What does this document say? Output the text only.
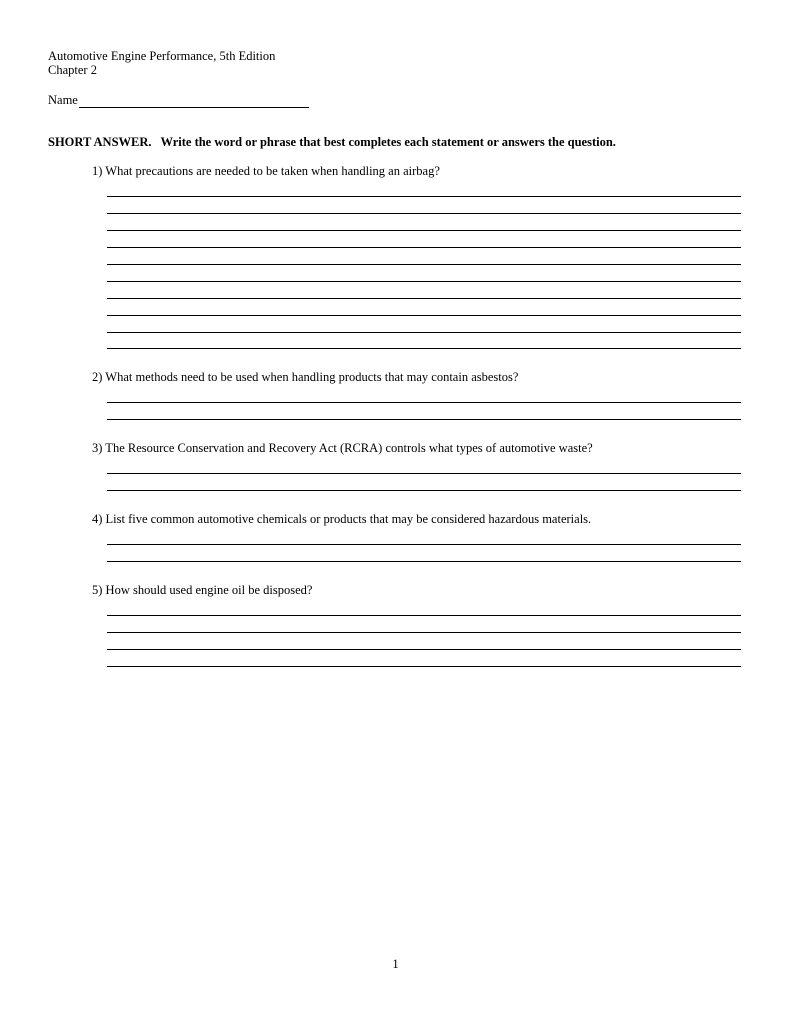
Automotive Engine Performance, 5th Edition
Chapter 2
Name
SHORT ANSWER. Write the word or phrase that best completes each statement or answers the question.
1) What precautions are needed to be taken when handling an airbag?
2) What methods need to be used when handling products that may contain asbestos?
3) The Resource Conservation and Recovery Act (RCRA) controls what types of automotive waste?
4) List five common automotive chemicals or products that may be considered hazardous materials.
5) How should used engine oil be disposed?
1
